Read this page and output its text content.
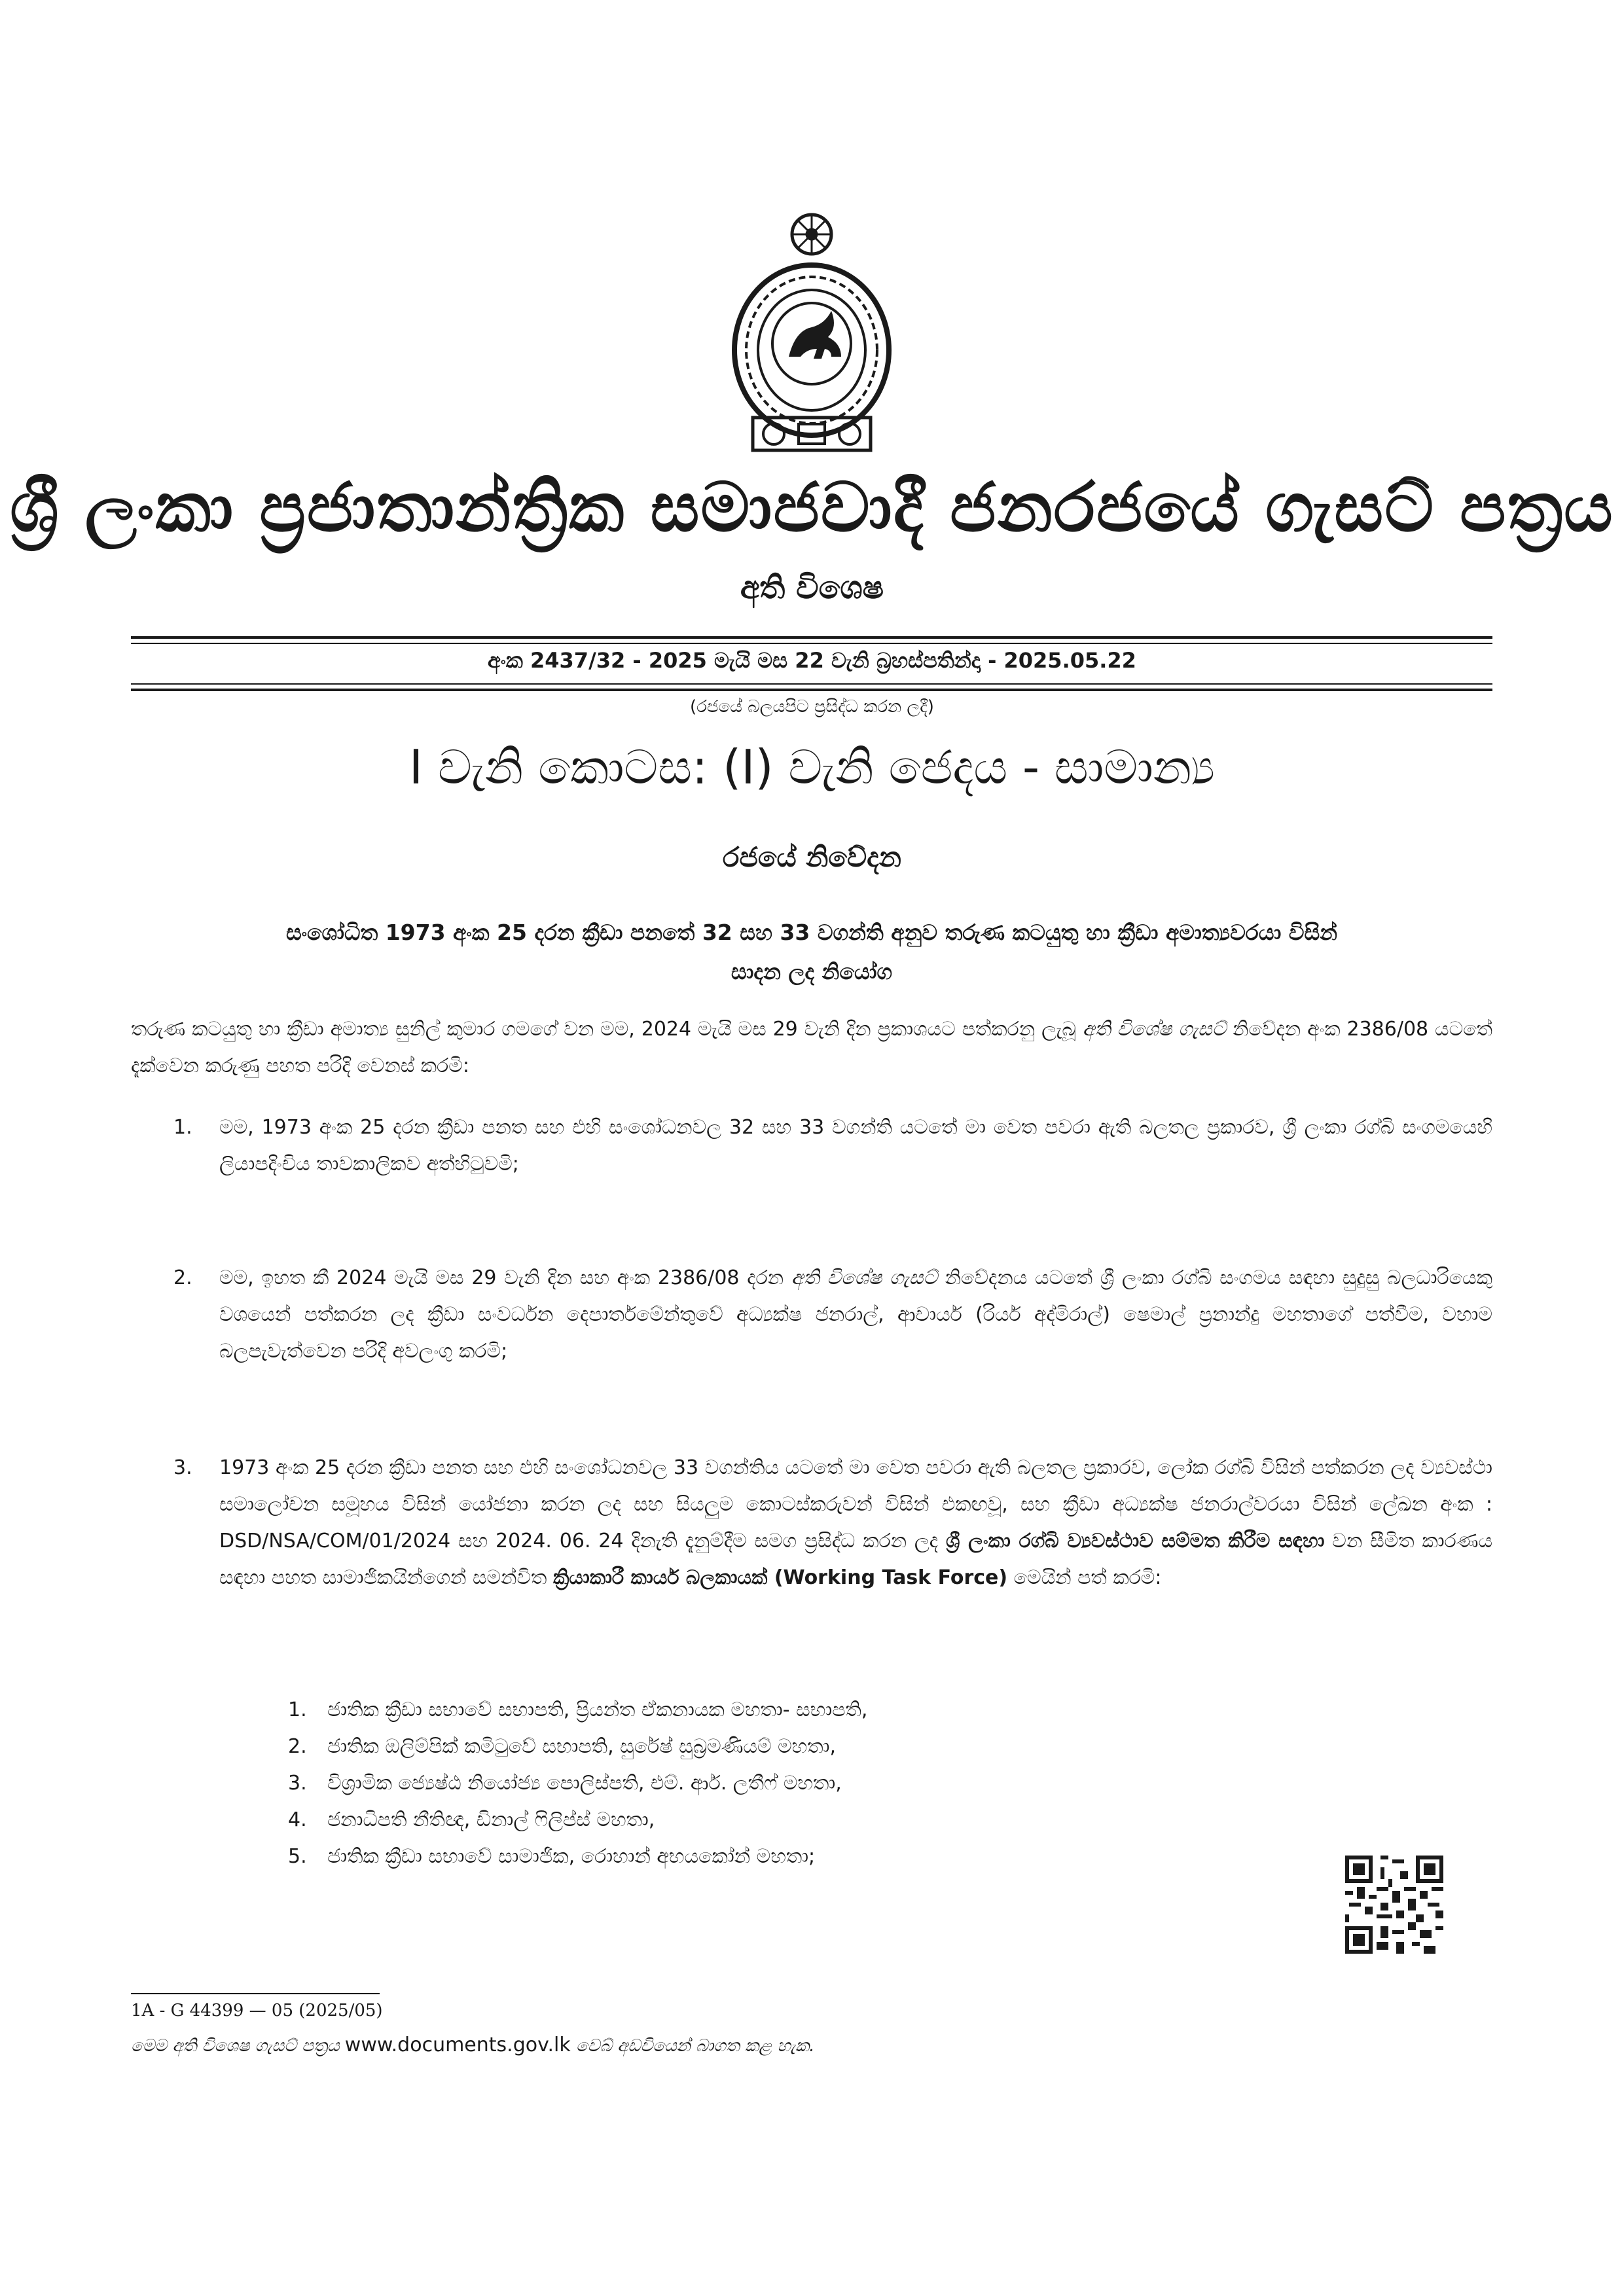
ශ්‍රී ලංකා ප්‍රජාතාන්ත්‍රික සමාජවාදී ජනරජයේ ගැසට් පත්‍රය
අති විශෙෂ
අංක 2437/32 - 2025 මැයි මස 22 වැනි බ්‍රහස්පතින්දා - 2025.05.22
(රජයේ බලයපිට ප්‍රසිද්ධ කරන ලදී)
I වැනි කොටස: (I) වැනි ජෙදය - සාමාන්‍ය
රජයේ නිවේදන
සංශෝධිත 1973 අංක 25 දරන ක්‍රීඩා පනතේ 32 සහ 33 වගන්ති අනුව තරුණ කටයුතු හා ක්‍රීඩා අමාත්‍යවරයා විසින්
සාදන ලද නියෝග
තරුණ කටයුතු හා ක්‍රීඩා අමාත්‍ය සුනිල් කුමාර ගමගේ වන මම, 2024 මැයි මස 29 වැනි දින ප්‍රකාශයට පත්කරනු ලැබූ අති විශේෂ ගැසට් නිවේදන අංක 2386/08 යටතේ දැක්වෙන කරුණු පහත පරිදි වෙනස් කරමි:
1.	මම, 1973 අංක 25 දරන ක්‍රීඩා පනත සහ එහි සංශෝධනවල 32 සහ 33 වගන්ති යටතේ මා වෙත පවරා ඇති බලතල ප්‍රකාරව, ශ්‍රී ලංකා රග්බි සංගමයෙහි ලියාපදිංචිය තාවකාලිකව අත්හිටුවමි;
2.	මම, ඉහත කී 2024 මැයි මස 29 වැනි දින සහ අංක 2386/08 දරන අති විශේෂ ගැසට් නිවේදනය යටතේ ශ්‍රී ලංකා රග්බි සංගමය සඳහා සුදුසු බලධාරියෙකු වශයෙන් පත්කරන ලද ක්‍රීඩා සංවර්ධන දෙපාර්තමේන්තුවේ අධ්‍යක්ෂ ජනරාල්, ආචාර්ය (රියර් අද්මිරාල්) ෂෙමාල් ප්‍රනාන්දු මහතාගේ පත්වීම, වහාම බලපැවැත්වෙන පරිදි අවලංගු කරමි;
3.	1973 අංක 25 දරන ක්‍රීඩා පනත සහ එහි සංශෝධනවල 33 වගන්තිය යටතේ මා වෙත පවරා ඇති බලතල ප්‍රකාරව, ලෝක රග්බි විසින් පත්කරන ලද ව්‍යවස්ථා සමාලෝචන සමූහය විසින් යෝජනා කරන ලද සහ සියලුම කොටස්කරුවන් විසින් එකඟවූ, සහ ක්‍රීඩා අධ්‍යක්ෂ ජනරාල්වරයා විසින් ලේඛන අංක : DSD/NSA/COM/01/2024 සහ 2024. 06. 24 දිනැති දැනුම්දීම සමග ප්‍රසිද්ධ කරන ලද ශ්‍රී ලංකා රග්බි ව්‍යවස්ථාව සම්මත කිරීම සඳහා වන සීමිත කාරණය සඳහා පහත සාමාජිකයින්ගෙන් සමන්විත ක්‍රියාකාරී කාර්ය බලකායක් (Working Task Force) මෙයින් පත් කරමි:
1. ජාතික ක්‍රීඩා සභාවේ සභාපති, ප්‍රියන්ත ඒකනායක මහතා- සභාපති,
2. ජාතික ඔලිම්පික් කමිටුවේ සභාපති, සුරේෂ් සුබ්‍රමණියම් මහතා,
3. විශ්‍රාමික ජ්‍යෙෂ්ඨ නියෝජ්‍ය පොලිස්පති, එම්. ආර්. ලතීෆ් මහතා,
4. ජනාධිපති නීතිඥ, ඩිනාල් ෆිලිප්ස් මහතා,
5. ජාතික ක්‍රීඩා සභාවේ සාමාජික, රොහාන් අභයකෝන් මහතා;
1A - G 44399 — 05 (2025/05)
මෙම අති විශෙෂ ගැසට් පත්‍රය www.documents.gov.lk වෙබ් අඩවියෙන් බාගත කළ හැක.
